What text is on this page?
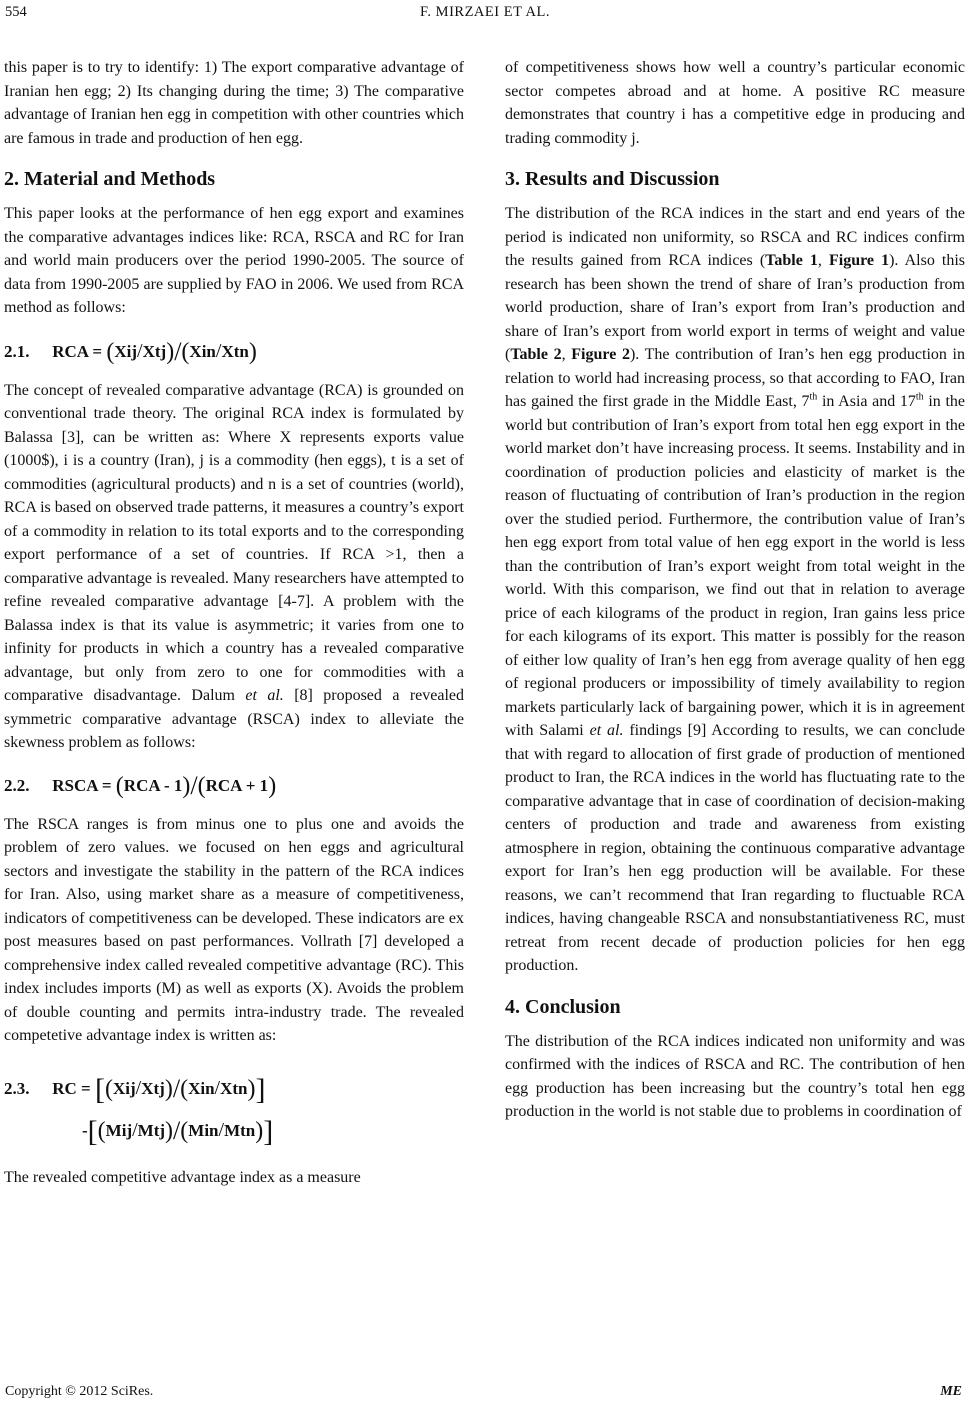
554	F. MIRZAEI ET AL.

this paper is to try to identify: 1) The export comparative advantage of Iranian hen egg; 2) Its changing during the time; 3) The comparative advantage of Iranian hen egg in competition with other countries which are famous in trade and production of hen egg.

2. Material and Methods

This paper looks at the performance of hen egg export and examines the comparative advantages indices like: RCA, RSCA and RC for Iran and world main producers over the period 1990-2005. The source of data from 1990-2005 are supplied by FAO in 2006. We used from RCA method as follows:

2.1. RCA = (Xij/Xtj)/(Xin/Xtn)

The concept of revealed comparative advantage (RCA) is grounded on conventional trade theory. The original RCA index is formulated by Balassa [3], can be written as: Where X represents exports value (1000$), i is a country (Iran), j is a commodity (hen eggs), t is a set of commodities (agricultural products) and n is a set of countries (world), RCA is based on observed trade patterns, it measures a country’s export of a commodity in relation to its total exports and to the corresponding export performance of a set of countries. If RCA >1, then a comparative advantage is revealed. Many researchers have attempted to refine revealed comparative advantage [4-7]. A problem with the Balassa index is that its value is asymmetric; it varies from one to infinity for products in which a country has a revealed comparative advantage, but only from zero to one for commodities with a comparative disadvantage. Dalum et al. [8] proposed a revealed symmetric comparative advantage (RSCA) index to alleviate the skewness problem as follows:

2.2. RSCA = (RCA - 1)/(RCA + 1)

The RSCA ranges is from minus one to plus one and avoids the problem of zero values. we focused on hen eggs and agricultural sectors and investigate the stability in the pattern of the RCA indices for Iran. Also, using market share as a measure of competitiveness, indicators of competitiveness can be developed. These indicators are ex post measures based on past performances. Vollrath [7] developed a comprehensive index called revealed competitive advantage (RC). This index includes imports (M) as well as exports (X). Avoids the problem of double counting and permits intra-industry trade. The revealed competetive advantage index is written as:

2.3. RC = [(Xij/Xtj)/(Xin/Xtn)]
-[(Mij/Mtj)/(Min/Mtn)]

The revealed competitive advantage index as a measure

of competitiveness shows how well a country’s particular economic sector competes abroad and at home. A positive RC measure demonstrates that country i has a competitive edge in producing and trading commodity j.

3. Results and Discussion

The distribution of the RCA indices in the start and end years of the period is indicated non uniformity, so RSCA and RC indices confirm the results gained from RCA indices (Table 1, Figure 1). Also this research has been shown the trend of share of Iran’s production from world production, share of Iran’s export from Iran’s production and share of Iran’s export from world export in terms of weight and value (Table 2, Figure 2). The contribution of Iran’s hen egg production in relation to world had increasing process, so that according to FAO, Iran has gained the first grade in the Middle East, 7th in Asia and 17th in the world but contribution of Iran’s export from total hen egg export in the world market don’t have increasing process. It seems. Instability and in coordination of production policies and elasticity of market is the reason of fluctuating of contribution of Iran’s production in the region over the studied period. Furthermore, the contribution value of Iran’s hen egg export from total value of hen egg export in the world is less than the contribution of Iran’s export weight from total weight in the world. With this comparison, we find out that in relation to average price of each kilograms of the product in region, Iran gains less price for each kilograms of its export. This matter is possibly for the reason of either low quality of Iran’s hen egg from average quality of hen egg of regional producers or impossibility of timely availability to region markets particularly lack of bargaining power, which it is in agreement with Salami et al. findings [9] According to results, we can conclude that with regard to allocation of first grade of production of mentioned product to Iran, the RCA indices in the world has fluctuating rate to the comparative advantage that in case of coordination of decision-making centers of production and trade and awareness from existing atmosphere in region, obtaining the continuous comparative advantage export for Iran’s hen egg production will be available. For these reasons, we can’t recommend that Iran regarding to fluctuable RCA indices, having changeable RSCA and nonsubstantiativeness RC, must retreat from recent decade of production policies for hen egg production.

4. Conclusion

The distribution of the RCA indices indicated non uniformity and was confirmed with the indices of RSCA and RC. The contribution of hen egg production has been increasing but the country’s total hen egg production in the world is not stable due to problems in coordination of

Copyright © 2012 SciRes.	ME
